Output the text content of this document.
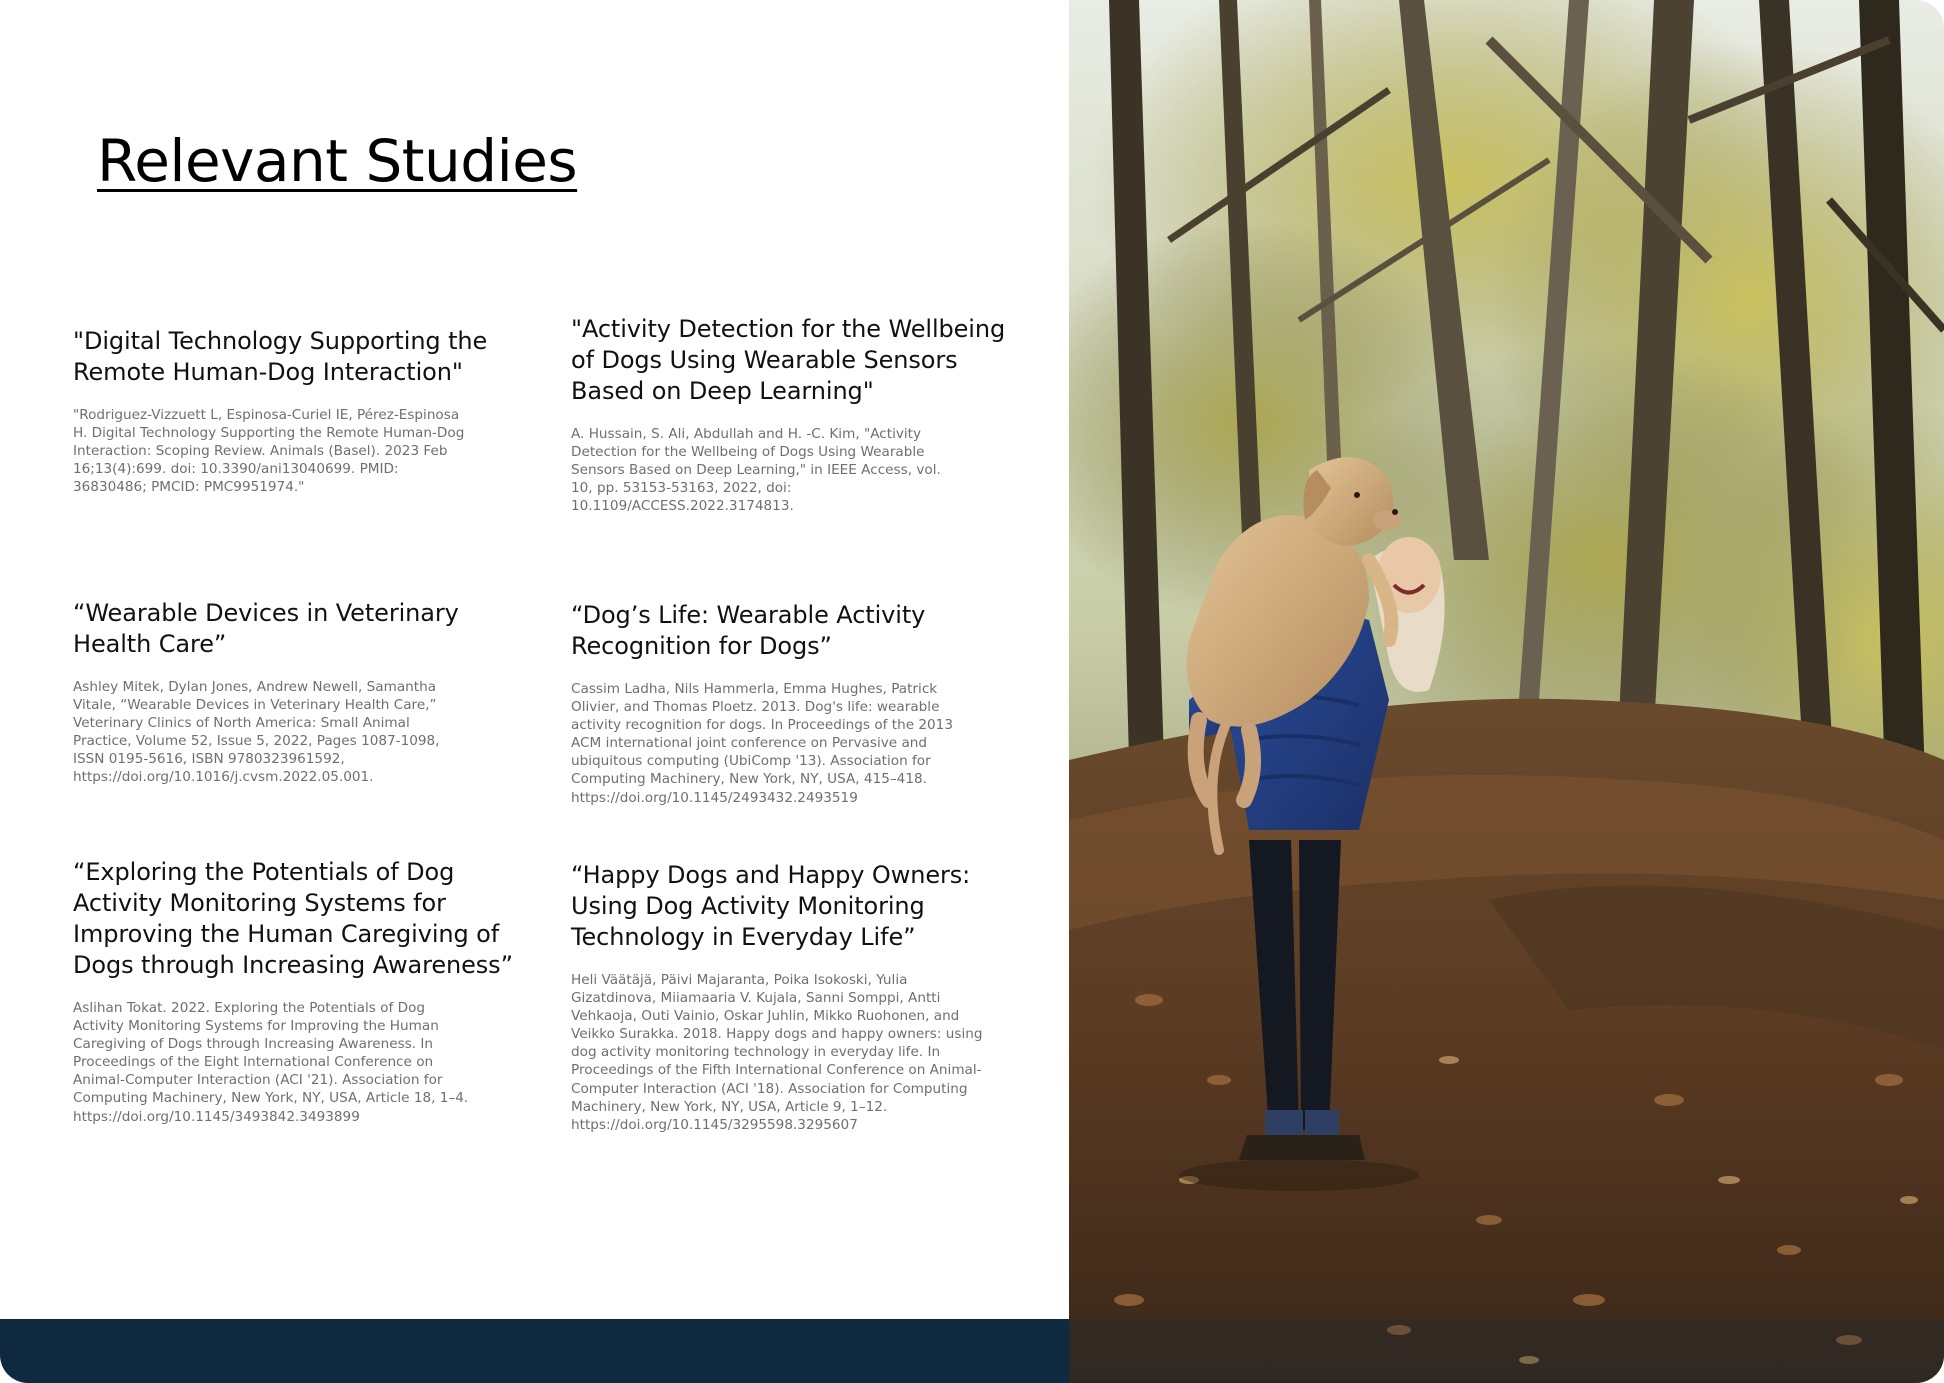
Relevant Studies
"Digital Technology Supporting the Remote Human-Dog Interaction"

"Rodriguez-Vizzuett L, Espinosa-Curiel IE, Pérez-Espinosa H. Digital Technology Supporting the Remote Human-Dog Interaction: Scoping Review. Animals (Basel). 2023 Feb 16;13(4):699. doi: 10.3390/ani13040699. PMID: 36830486; PMCID: PMC9951974."

"Activity Detection for the Wellbeing of Dogs Using Wearable Sensors Based on Deep Learning"

A. Hussain, S. Ali, Abdullah and H. -C. Kim, "Activity Detection for the Wellbeing of Dogs Using Wearable Sensors Based on Deep Learning," in IEEE Access, vol. 10, pp. 53153-53163, 2022, doi: 10.1109/ACCESS.2022.3174813.

“Wearable Devices in Veterinary Health Care”

Ashley Mitek, Dylan Jones, Andrew Newell, Samantha Vitale, “Wearable Devices in Veterinary Health Care,” Veterinary Clinics of North America: Small Animal Practice, Volume 52, Issue 5, 2022, Pages 1087-1098, ISSN 0195-5616, ISBN 9780323961592, https://doi.org/10.1016/j.cvsm.2022.05.001.

“Dog’s Life: Wearable Activity Recognition for Dogs”

Cassim Ladha, Nils Hammerla, Emma Hughes, Patrick Olivier, and Thomas Ploetz. 2013. Dog's life: wearable activity recognition for dogs. In Proceedings of the 2013 ACM international joint conference on Pervasive and ubiquitous computing (UbiComp '13). Association for Computing Machinery, New York, NY, USA, 415–418. https://doi.org/10.1145/2493432.2493519

“Exploring the Potentials of Dog Activity Monitoring Systems for Improving the Human Caregiving of Dogs through Increasing Awareness”

Aslihan Tokat. 2022. Exploring the Potentials of Dog Activity Monitoring Systems for Improving the Human Caregiving of Dogs through Increasing Awareness. In Proceedings of the Eight International Conference on Animal-Computer Interaction (ACI '21). Association for Computing Machinery, New York, NY, USA, Article 18, 1–4. https://doi.org/10.1145/3493842.3493899

“Happy Dogs and Happy Owners: Using Dog Activity Monitoring Technology in Everyday Life”

Heli Väätäjä, Päivi Majaranta, Poika Isokoski, Yulia Gizatdinova, Miiamaaria V. Kujala, Sanni Somppi, Antti Vehkaoja, Outi Vainio, Oskar Juhlin, Mikko Ruohonen, and Veikko Surakka. 2018. Happy dogs and happy owners: using dog activity monitoring technology in everyday life. In Proceedings of the Fifth International Conference on Animal-Computer Interaction (ACI '18). Association for Computing Machinery, New York, NY, USA, Article 9, 1–12. https://doi.org/10.1145/3295598.3295607
